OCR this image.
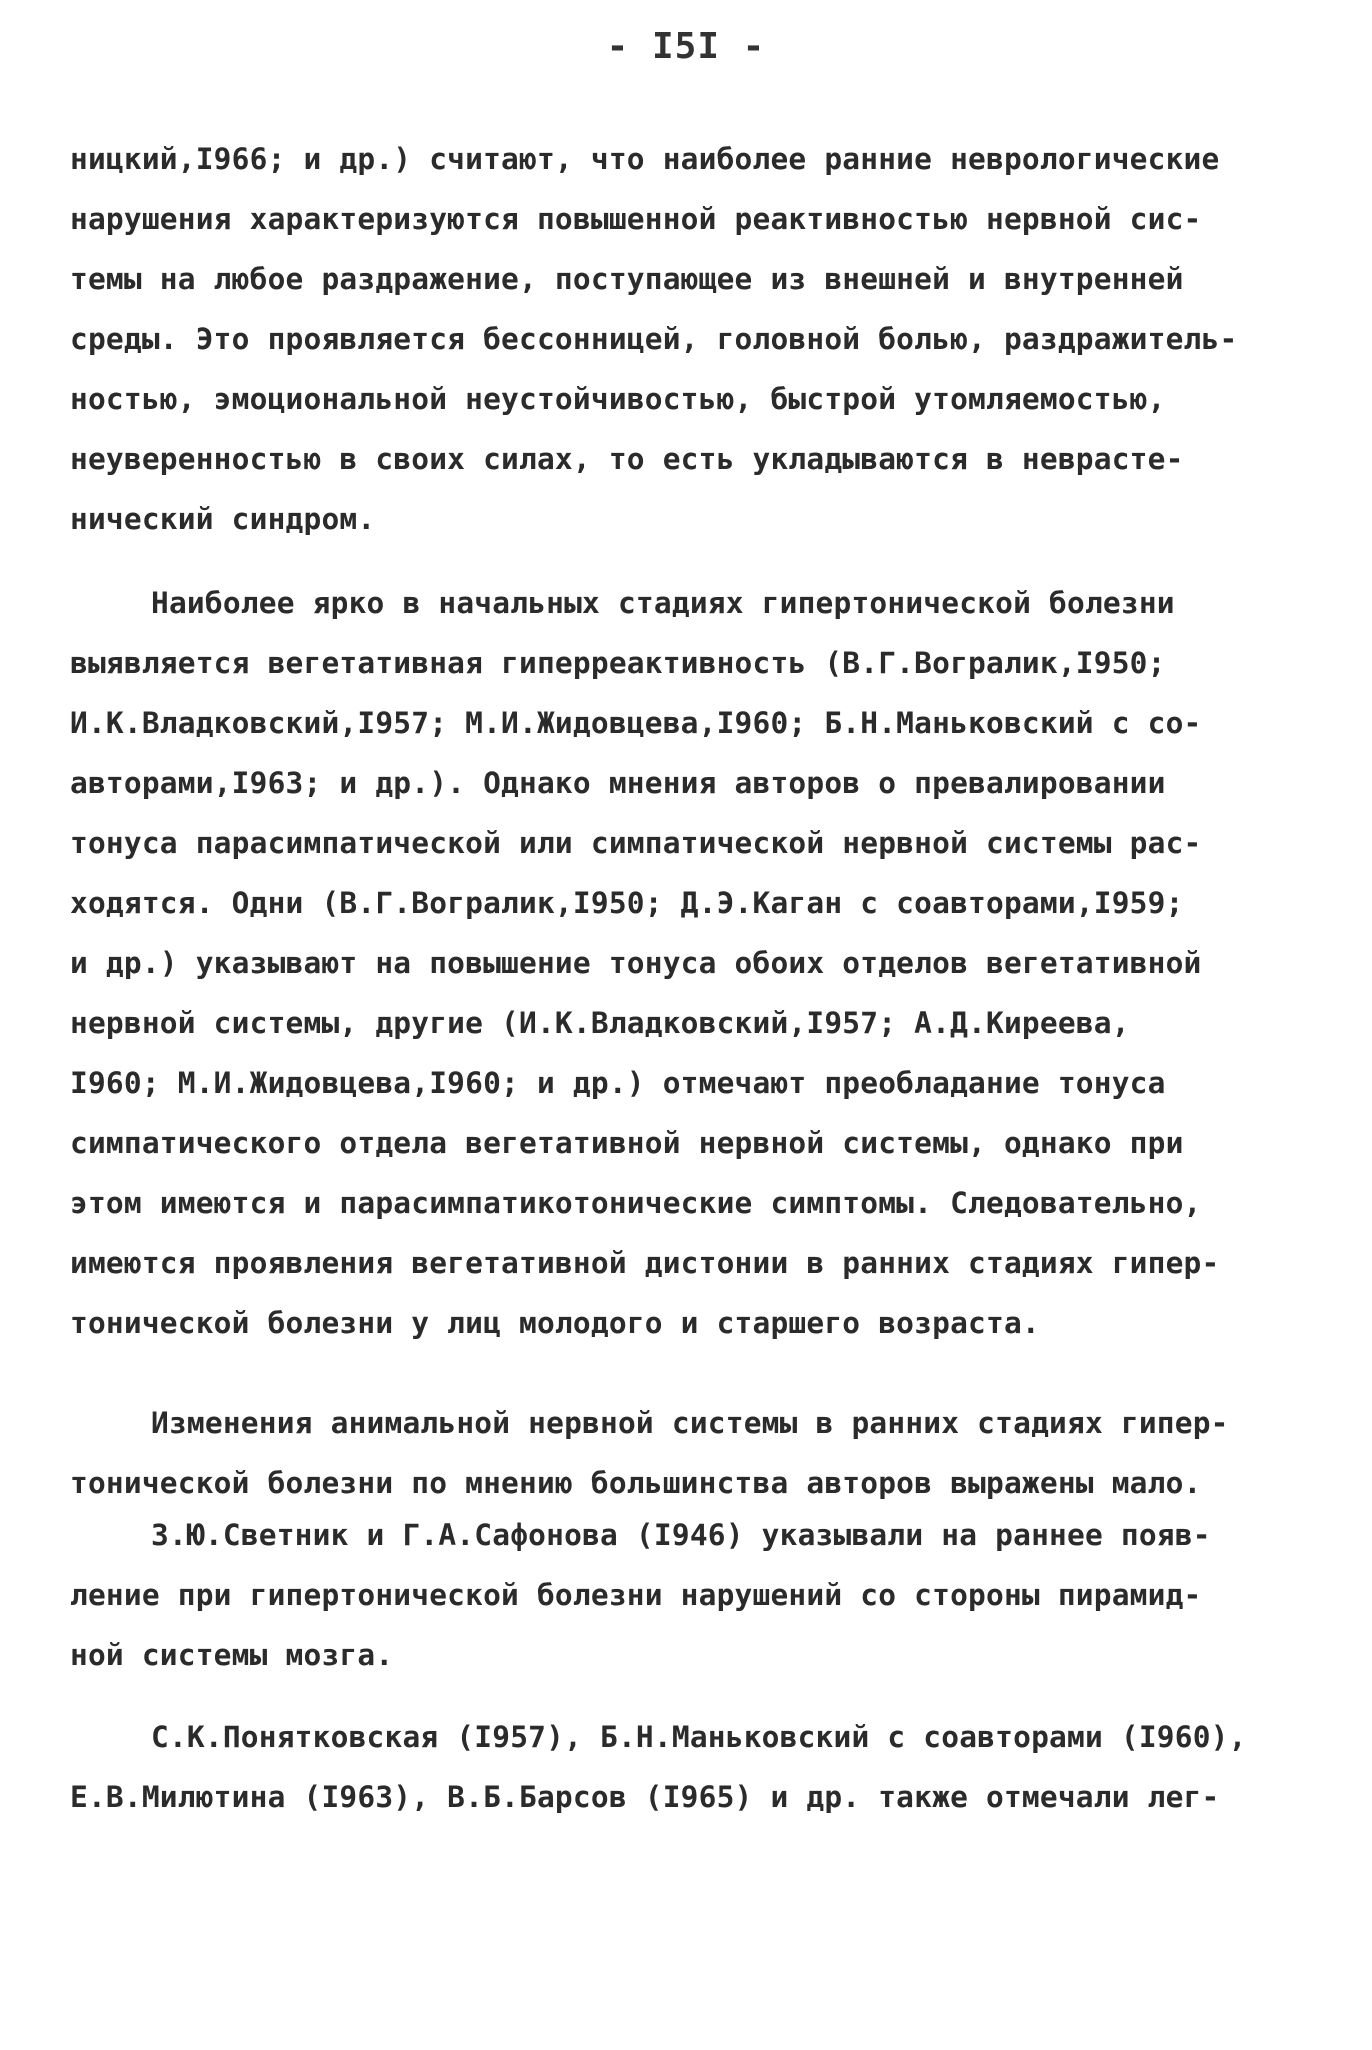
- I5I -
ницкий,I966; и др.) считают, что наиболее ранние неврологические
нарушения характеризуются повышенной реактивностью нервной сис-
темы на любое раздражение, поступающее из внешней и внутренней
среды. Это проявляется бессонницей, головной болью, раздражитель-
ностью, эмоциональной неустойчивостью, быстрой утомляемостью,
неуверенностью в своих силах, то есть укладываются в неврасте-
нический синдром.
Наиболее ярко в начальных стадиях гипертонической болезни
выявляется вегетативная гиперреактивность (В.Г.Вогралик,I950;
И.К.Владковский,I957; М.И.Жидовцева,I960; Б.Н.Маньковский с со-
авторами,I963; и др.). Однако мнения авторов о превалировании
тонуса парасимпатической или симпатической нервной системы рас-
ходятся. Одни (В.Г.Вогралик,I950; Д.Э.Каган с соавторами,I959;
и др.) указывают на повышение тонуса обоих отделов вегетативной
нервной системы, другие (И.К.Владковский,I957; А.Д.Киреева,
I960; М.И.Жидовцева,I960; и др.) отмечают преобладание тонуса
симпатического отдела вегетативной нервной системы, однако при
этом имеются и парасимпатикотонические симптомы. Следовательно,
имеются проявления вегетативной дистонии в ранних стадиях гипер-
тонической болезни у лиц молодого и старшего возраста.
Изменения анимальной нервной системы в ранних стадиях гипер-
тонической болезни по мнению большинства авторов выражены мало.
З.Ю.Светник и Г.А.Сафонова (I946) указывали на раннее появ-
ление при гипертонической болезни нарушений со стороны пирамид-
ной системы мозга.
С.К.Понятковская (I957), Б.Н.Маньковский с соавторами (I960),
Е.В.Милютина (I963), В.Б.Барсов (I965) и др. также отмечали лег-
